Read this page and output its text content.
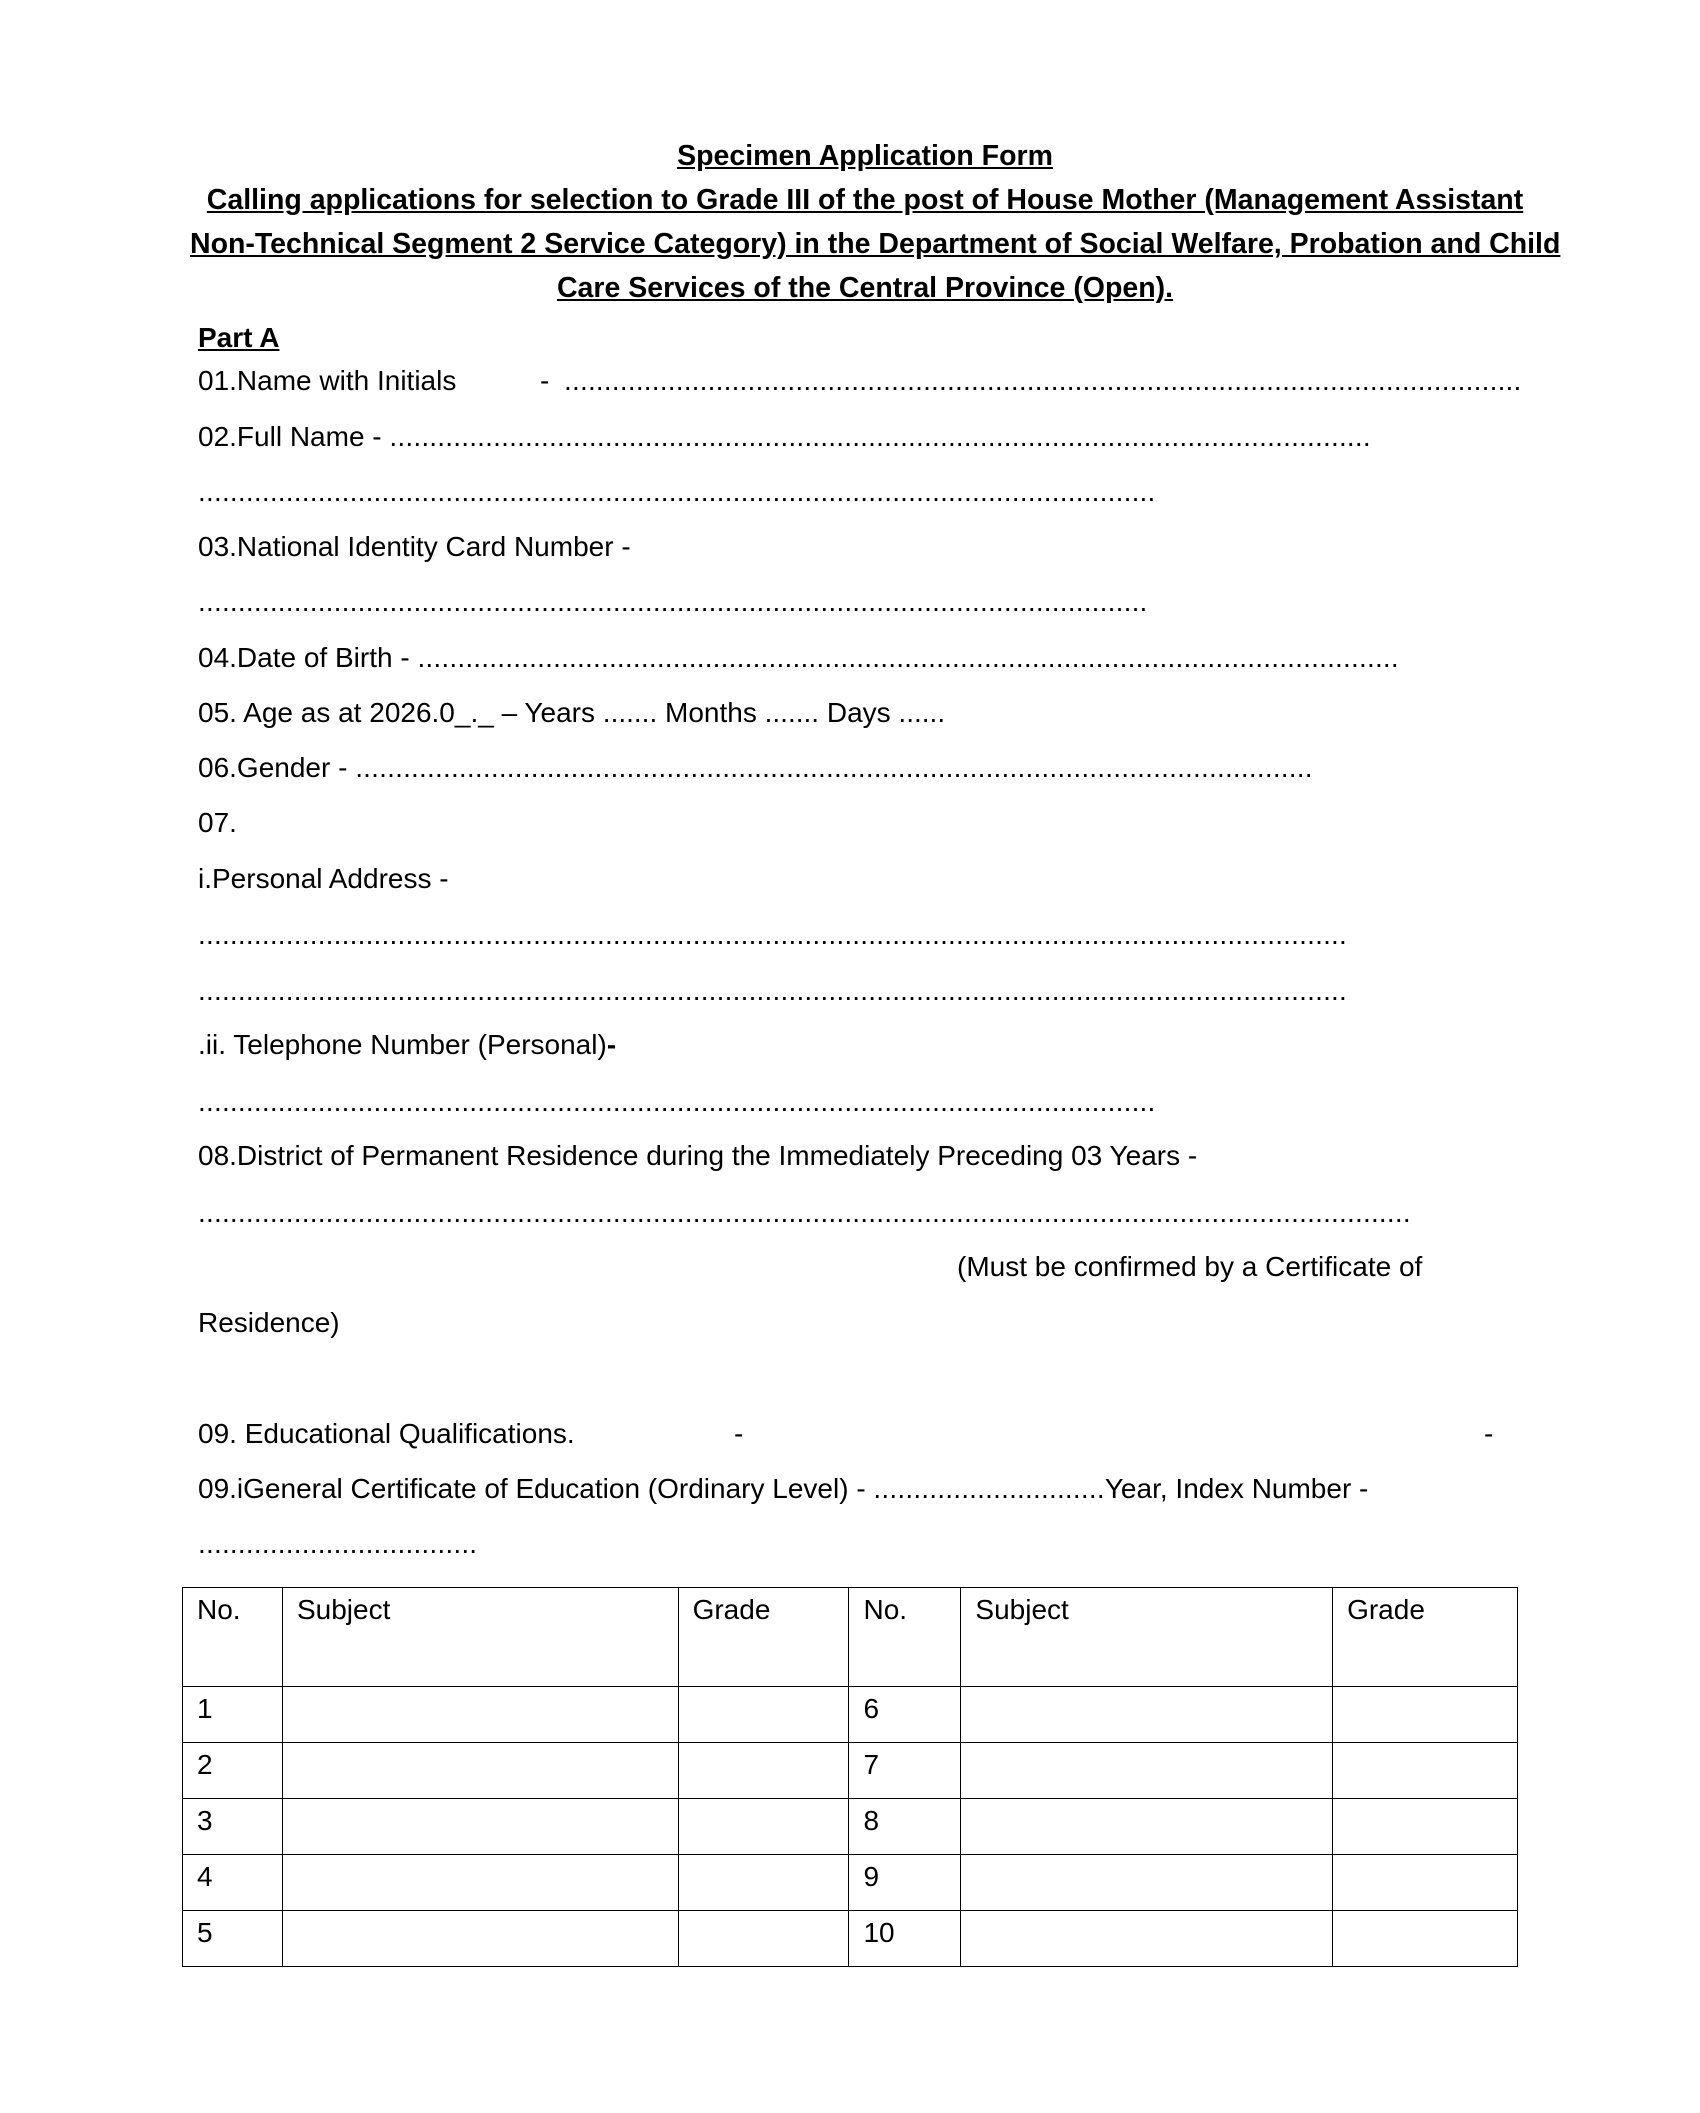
Specimen Application Form
Calling applications for selection to Grade III of the post of House Mother (Management Assistant
Non-Technical Segment 2 Service Category) in the Department of Social Welfare, Probation and Child
Care Services of the Central Province (Open).
Part A
01.Name with Initials	- ........................................................................................................................
02.Full Name - ...........................................................................................................................
........................................................................................................................
03.National Identity Card Number -
.......................................................................................................................
04.Date of Birth - ...........................................................................................................................
05. Age as at 2026.0_._ – Years ....... Months ....... Days ......
06.Gender - ........................................................................................................................
07.
i.Personal Address -
................................................................................................................................................
................................................................................................................................................
.ii. Telephone Number (Personal)-
........................................................................................................................
08.District of Permanent Residence during the Immediately Preceding 03 Years -
........................................................................................................................................................
(Must be confirmed by a Certificate of
Residence)
09. Educational Qualifications.	-	-
09.iGeneral Certificate of Education (Ordinary Level) - .............................Year, Index Number -
...................................
No.	Subject	Grade	No.	Subject	Grade
1			6		
2			7		
3			8		
4			9		
5			10		
